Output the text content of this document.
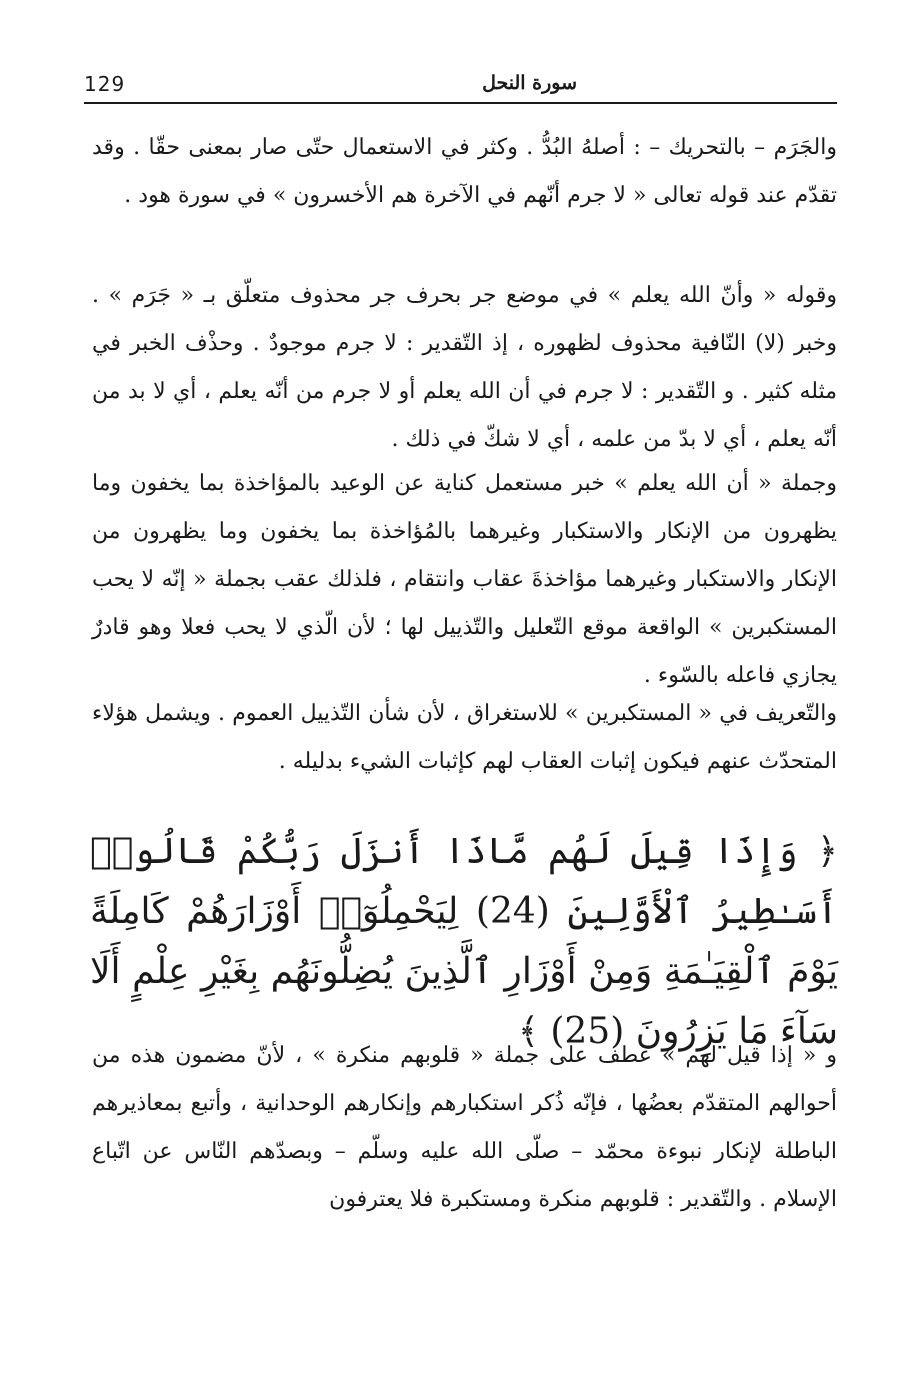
129	سورة النحل

والجَرَم – بالتحريك – : أصلهُ البُدُّ . وكثر في الاستعمال حتّى صار بمعنى حقّا . وقد تقدّم عند قوله تعالى « لا جرم أنّهم في الآخرة هم الأخسرون » في سورة هود .

وقوله « وأنّ الله يعلم » في موضع جر بحرف جر محذوف متعلّق بـ « جَرَم » . وخبر (لا) النّافية محذوف لظهوره ، إذ التّقدير : لا جرم موجودٌ . وحذْف الخبر في مثله كثير . و التّقدير : لا جرم في أن الله يعلم أو لا جرم من أنّه يعلم ، أي لا بد من أنّه يعلم ، أي لا بدّ من علمه ، أي لا شكّ في ذلك .

وجملة « أن الله يعلم » خبر مستعمل كناية عن الوعيد بالمؤاخذة بما يخفون وما يظهرون من الإنكار والاستكبار وغيرهما بالمُؤاخذة بما يخفون وما يظهرون من الإنكار والاستكبار وغيرهما مؤاخذةَ عقاب وانتقام ، فلذلك عقب بجملة « إنّه لا يحب المستكبرين » الواقعة موقع التّعليل والتّذييل لها ؛ لأن الّذي لا يحب فعلا وهو قادرٌ يجازي فاعله بالسّوء .

والتّعريف في « المستكبرين » للاستغراق ، لأن شأن التّذييل العموم . ويشمل هؤلاء المتحدّث عنهم فيكون إثبات العقاب لهم كإثبات الشيء بدليله .

﴿ وَإِذَا قِيلَ لَهُم مَّاذَا أَنزَلَ رَبُّكُمْ قَالُوا۟ أَسَـٰطِيرُ ٱلْأَوَّلِينَ (24) لِيَحْمِلُوٓا۟ أَوْزَارَهُمْ كَامِلَةً يَوْمَ ٱلْقِيَـٰمَةِ وَمِنْ أَوْزَارِ ٱلَّذِينَ يُضِلُّونَهُم بِغَيْرِ عِلْمٍ أَلَا سَآءَ مَا يَزِرُونَ (25) ﴾

و « إذا قيل لهم » عطف على جملة « قلوبهم منكرة » ، لأنّ مضمون هذه من أحوالهم المتقدّم بعضُها ، فإنّه ذُكر استكبارهم وإنكارهم الوحدانية ، وأتبع بمعاذيرهم الباطلة لإنكار نبوءة محمّد – صلّى الله عليه وسلّم – وبصدّهم النّاس عن اتّباع الإسلام . والتّقدير : قلوبهم منكرة ومستكبرة فلا يعترفون
